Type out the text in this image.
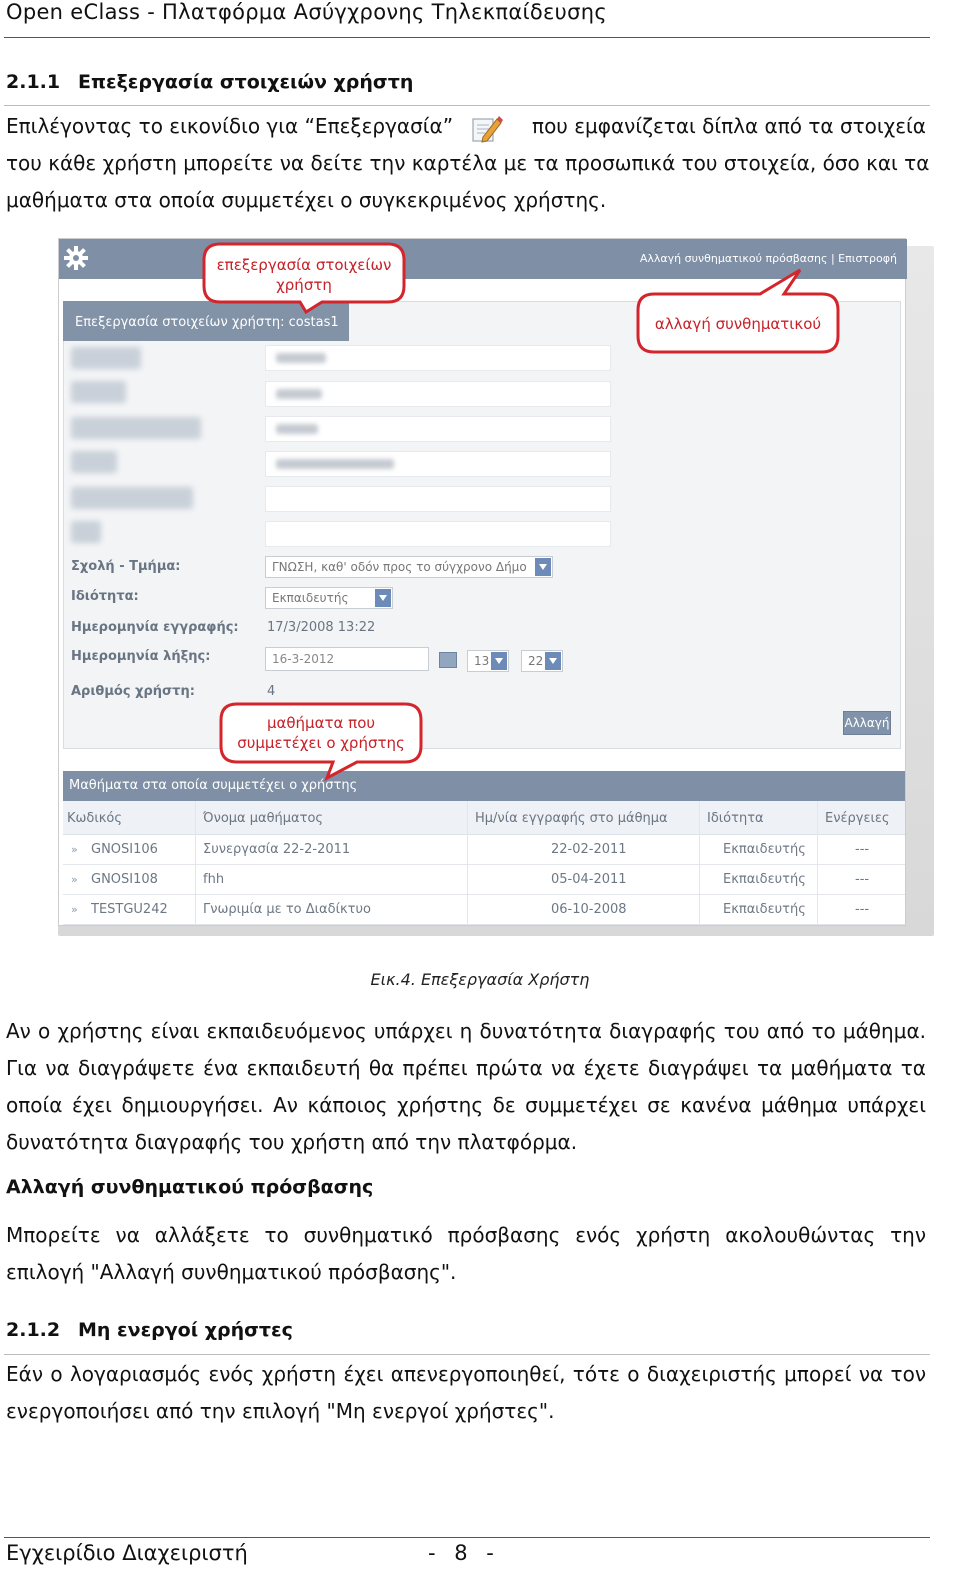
Open eClass - Πλατφόρμα Ασύγχρονης Τηλεκπαίδευσης
2.1.1 Επεξεργασία στοιχειών χρήστη
Επιλέγοντας το εικονίδιο για “Επεξεργασία”	που εμφανίζεται δίπλα από τα στοιχεία
του κάθε χρήστη μπορείτε να δείτε την καρτέλα με τα προσωπικά του στοιχεία, όσο και τα
μαθήματα στα οποία συμμετέχει ο συγκεκριμένος χρήστης.
Αλλαγή συνθηματικού πρόσβασης | Επιστροφή
Επεξεργασία στοιχείων χρήστη: costas1
Σχολή - Τμήμα:	ΓΝΩΣΗ, καθ' οδόν προς το σύγχρονο Δήμο
Ιδιότητα:	Εκπαιδευτής
Ημερομηνία εγγραφής: 17/3/2008 13:22
Ημερομηνία λήξης:	16-3-2012	13	22
Αριθμός χρήστη:	4
Αλλαγή
Μαθήματα στα οποία συμμετέχει ο χρήστης
Κωδικός	Όνομα μαθήματος	Ημ/νία εγγραφής στο μάθημα	Ιδιότητα	Ενέργειες
» GNOSI106	Συνεργασία 22-2-2011	22-02-2011	Εκπαιδευτής	---
» GNOSI108	fhh	05-04-2011	Εκπαιδευτής	---
» TESTGU242	Γνωριμία με το Διαδίκτυο	06-10-2008	Εκπαιδευτής	---
επεξεργασία στοιχείων
χρήστη
αλλαγή συνθηματικού
μαθήματα που
συμμετέχει ο χρήστης
Εικ.4. Επεξεργασία Χρήστη
Αν ο χρήστης είναι εκπαιδευόμενος υπάρχει η δυνατότητα διαγραφής του από το μάθημα.
Για να διαγράψετε ένα εκπαιδευτή θα πρέπει πρώτα να έχετε διαγράψει τα μαθήματα τα
οποία έχει δημιουργήσει. Αν κάποιος χρήστης δε συμμετέχει σε κανένα μάθημα υπάρχει
δυνατότητα διαγραφής του χρήστη από την πλατφόρμα.
Αλλαγή συνθηματικού πρόσβασης
Μπορείτε να αλλάξετε το συνθηματικό πρόσβασης ενός χρήστη ακολουθώντας την
επιλογή "Αλλαγή συνθηματικού πρόσβασης".
2.1.2 Μη ενεργοί χρήστες
Εάν ο λογαριασμός ενός χρήστη έχει απενεργοποιηθεί, τότε ο διαχειριστής μπορεί να τον
ενεργοποιήσει από την επιλογή "Μη ενεργοί χρήστες".
Εγχειρίδιο Διαχειριστή	- 8 -
